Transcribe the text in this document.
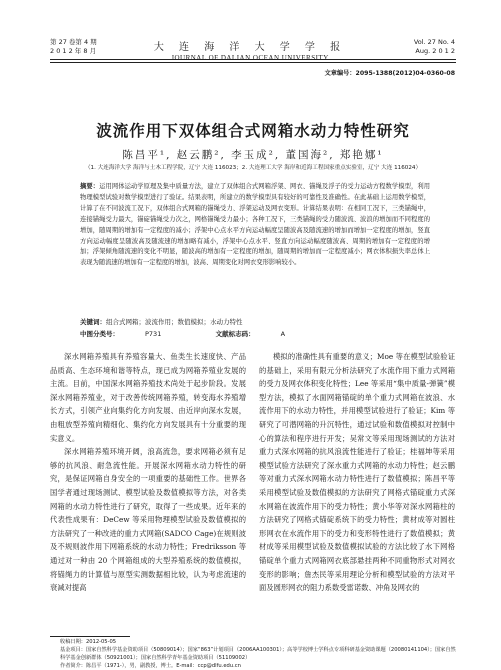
第 27 卷第 4 期
2 0 1 2 年 8 月	大 连 海 洋 大 学 学 报
JOURNAL OF DALIAN OCEAN UNIVERSITY
Vol. 27 No. 4
Aug. 2 0 1 2
文章编号：2095-1388(2012)04-0360-08
波流作用下双体组合式网箱水动力特性研究
陈昌平¹, 赵云鹏², 李玉成², 董国海², 郑艳娜¹
（1. 大连海洋大学 海洋与土木工程学院，辽宁 大连 116023；2. 大连理工大学 海岸和近海工程国家重点实验室，辽宁 大连 116024）
摘要：运用网体运动学原理及集中质量方法，建立了双体组合式网箱浮架、网衣、锚绳及浮子的受力运动方程数学模型，利用物理模型试验对数学模型进行了验证。结果表明，所建立的数学模型具有较好的可靠性及准确性。在此基础上运用数学模型，计算了在不同波流工况下，双体组合式网箱的锚绳受力、浮架运动及网衣变形。计算结果表明：在相同工况下，三类锚绳中，连接锚绳受力最大，锚碇锚绳受力次之，网格锚绳受力最小；各种工况下，三类锚绳的受力随波流、波浪的增加而不同程度的增加，随周期的增加有一定程度的减小；浮架中心点水平方向运动幅度呈随波高及随流速的增加而增加一定程度的增加，竖直方向运动幅度呈随波高及随流速的增加略有减小，浮架中心点水平、竖直方向运动幅度随波高、周期的增加有一定程度的增加；浮架倾角随流速的变化不明显，随波高的增加有一定程度的增加，随周期的增加而一定程度减小；网衣体积损失率总体上表现为随流速的增加有一定程度的增加，波高、周期变化对网衣变形影响较小。
关键词：组合式网箱；波流作用；数值模拟；水动力特性
中图分类号：	P731	文献标志码：	A

深水网箱养殖具有养殖容量大、鱼类生长速度快、产品品质高、生态环境和谐等特点，现已成为网箱养殖业发展的主流。目前，中国深水网箱养殖技术尚处于起步阶段。发展深水网箱养殖业，对于改善传统网箱养殖，转变海水养殖增长方式，引领产业向集约化方向发展、由近岸向深水发展，由粗放型养殖向精细化、集约化方向发展具有十分重要的现实意义。

深水网箱养殖环境开阔，浪高流急，要求网箱必须有足够的抗风浪、耐急流性能。开展深水网箱水动力特性的研究，是保证网箱自身安全的一项重要的基础性工作。世界各国学者通过现场测试、模型试验及数值模拟等方法，对各类网箱的水动力特性进行了研究，取得了一些成果。近年来的代表性成果有：DeCew 等采用物理模型试验及数值模拟的方法研究了一种改进的重力式网箱(SADCO Cage)在规则波及不规则波作用下网箱系统的水动力特性；Fredriksson 等通过对一种由 20 个网箱组成的大型养殖系统的数值模拟，将锚绳力的计算值与原型实测数据相比较，认为考虑流速的衰减对提高

模拟的准确性具有重要的意义；Moe 等在模型试验验证的基础上，采用有限元分析法研究了水流作用下重力式网箱的受力及网衣体积变化特性；Lee 等采用“集中质量-弹簧”模型方法，模拟了水面网箱锚碇的单个重力式网箱在波浪、水流作用下的水动力特性，并用模型试验进行了验证；Kim 等研究了可潜网箱的升沉特性，通过试验和数值模拟对控制中心的算法和程序进行开发；吴常文等采用现场测试的方法对重力式深水网箱的抗风浪流性能进行了验证；桂福坤等采用模型试验方法研究了深水重力式网箱的水动力特性；赵云鹏等对重力式深水网箱水动力特性进行了数值模拟；陈昌平等采用模型试验及数值模拟的方法研究了网格式锚碇重力式深水网箱在波流作用下的受力特性；黄小华等对深水网箱柱的方法研究了网格式锚碇系统下的受力特性；黄材成等对圆柱形网衣在水流作用下的受力和变形特性进行了数值模拟；黄材成等采用模型试验及数值模拟试验的方法比较了水下网格锚碇单个重力式网箱网衣底部悬挂两种不同重物形式对网衣变形的影响；詹杰民等采用理论分析和模型试验的方法对平面及圆形网衣的阻力系数受雷诺数、冲角及网衣的

收稿日期：2012-05-05
基金项目：国家自然科学基金资助项目（50809014）；国家“863”计划项目（2006AA100301）；高等学校博士学科点专项科研基金资助课题（20080141104）；国家自然科学基金创新群体（50921001）；国家自然科学青年基金资助项目（51109002）
作者简介：陈昌平（1971-），男，副教授，博士。E-mail：ccp@dlfu.edu.cn
